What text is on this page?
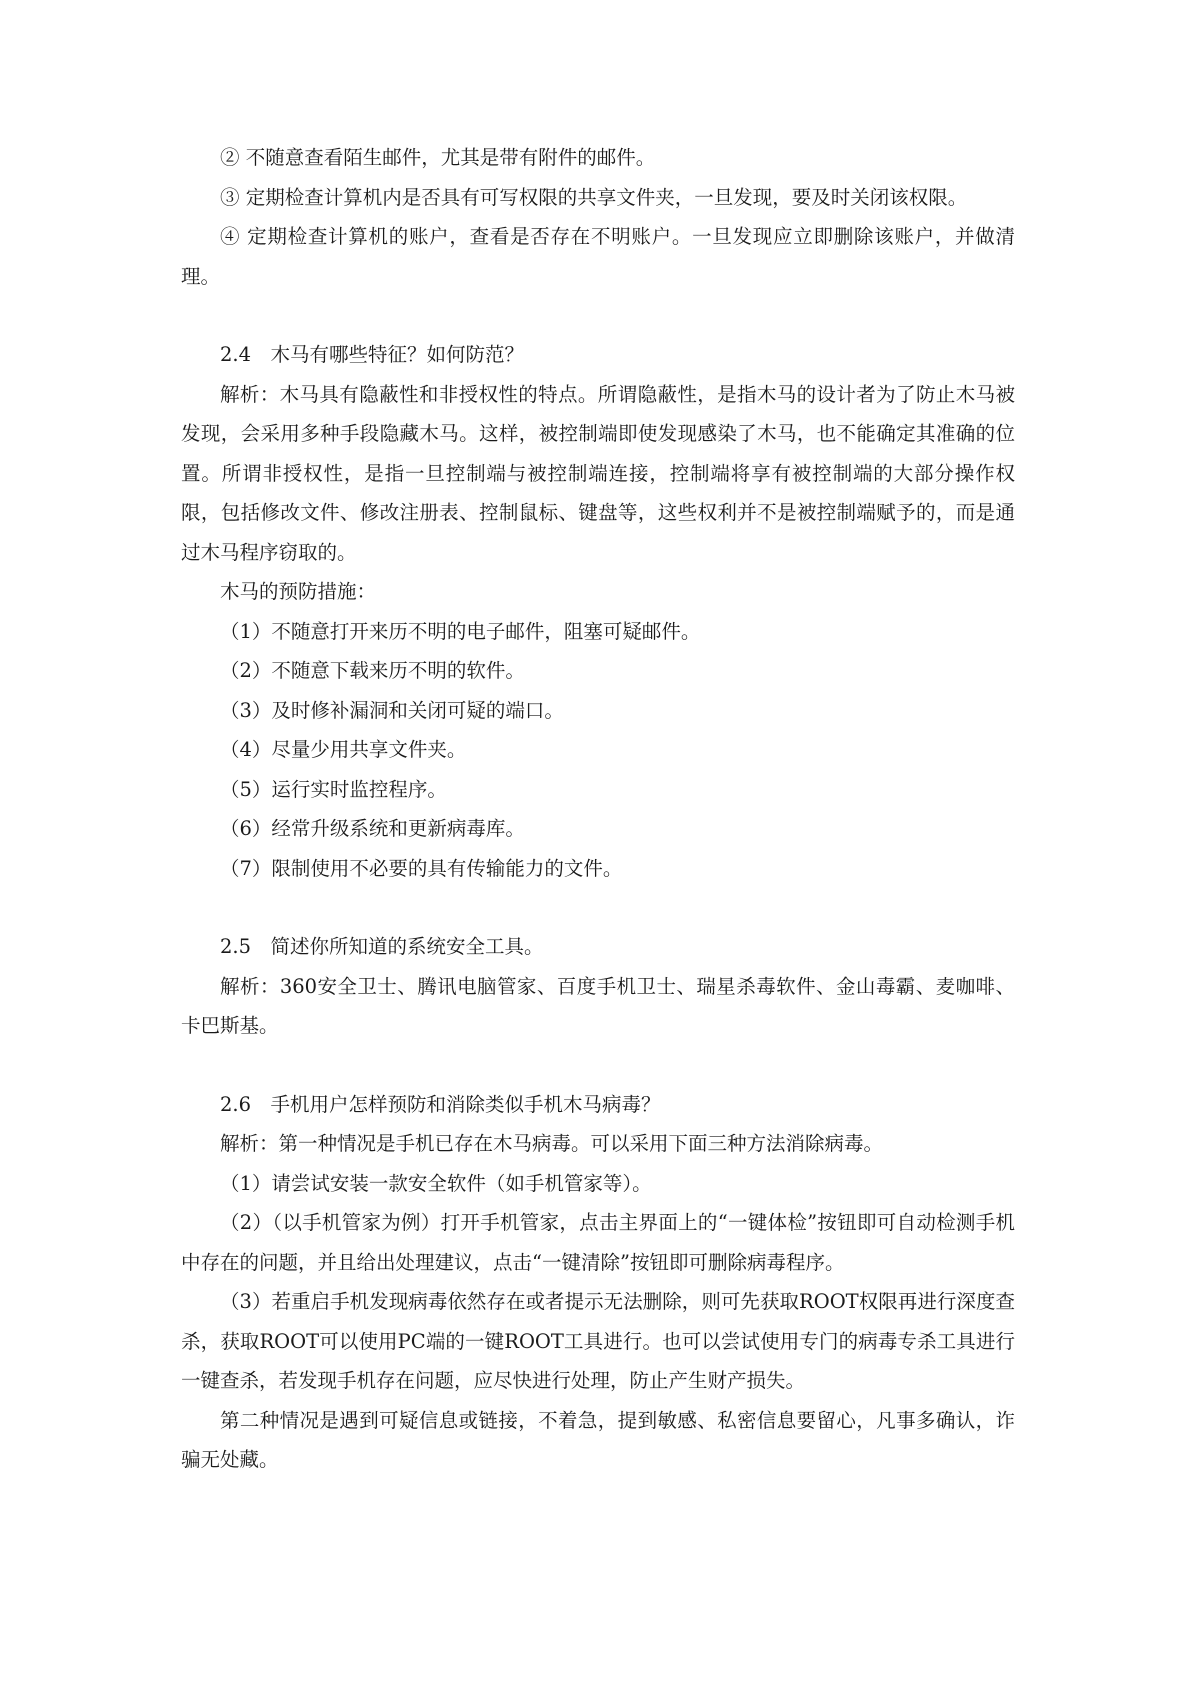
② 不随意查看陌生邮件，尤其是带有附件的邮件。

③ 定期检查计算机内是否具有可写权限的共享文件夹，一旦发现，要及时关闭该权限。

④ 定期检查计算机的账户，查看是否存在不明账户。一旦发现应立即删除该账户，并做清理。

2.4　木马有哪些特征？如何防范？

解析：木马具有隐蔽性和非授权性的特点。所谓隐蔽性，是指木马的设计者为了防止木马被发现，会采用多种手段隐藏木马。这样，被控制端即使发现感染了木马，也不能确定其准确的位置。所谓非授权性，是指一旦控制端与被控制端连接，控制端将享有被控制端的大部分操作权限，包括修改文件、修改注册表、控制鼠标、键盘等，这些权利并不是被控制端赋予的，而是通过木马程序窃取的。

木马的预防措施：

（1）不随意打开来历不明的电子邮件，阻塞可疑邮件。

（2）不随意下载来历不明的软件。

（3）及时修补漏洞和关闭可疑的端口。

（4）尽量少用共享文件夹。

（5）运行实时监控程序。

（6）经常升级系统和更新病毒库。

（7）限制使用不必要的具有传输能力的文件。

2.5　简述你所知道的系统安全工具。

解析：360安全卫士、腾讯电脑管家、百度手机卫士、瑞星杀毒软件、金山毒霸、麦咖啡、卡巴斯基。

2.6　手机用户怎样预防和消除类似手机木马病毒？

解析：第一种情况是手机已存在木马病毒。可以采用下面三种方法消除病毒。

（1）请尝试安装一款安全软件（如手机管家等）。

（2）（以手机管家为例）打开手机管家，点击主界面上的“一键体检”按钮即可自动检测手机中存在的问题，并且给出处理建议，点击“一键清除”按钮即可删除病毒程序。

（3）若重启手机发现病毒依然存在或者提示无法删除，则可先获取ROOT权限再进行深度查杀，获取ROOT可以使用PC端的一键ROOT工具进行。也可以尝试使用专门的病毒专杀工具进行一键查杀，若发现手机存在问题，应尽快进行处理，防止产生财产损失。

第二种情况是遇到可疑信息或链接，不着急，提到敏感、私密信息要留心，凡事多确认，诈骗无处藏。
